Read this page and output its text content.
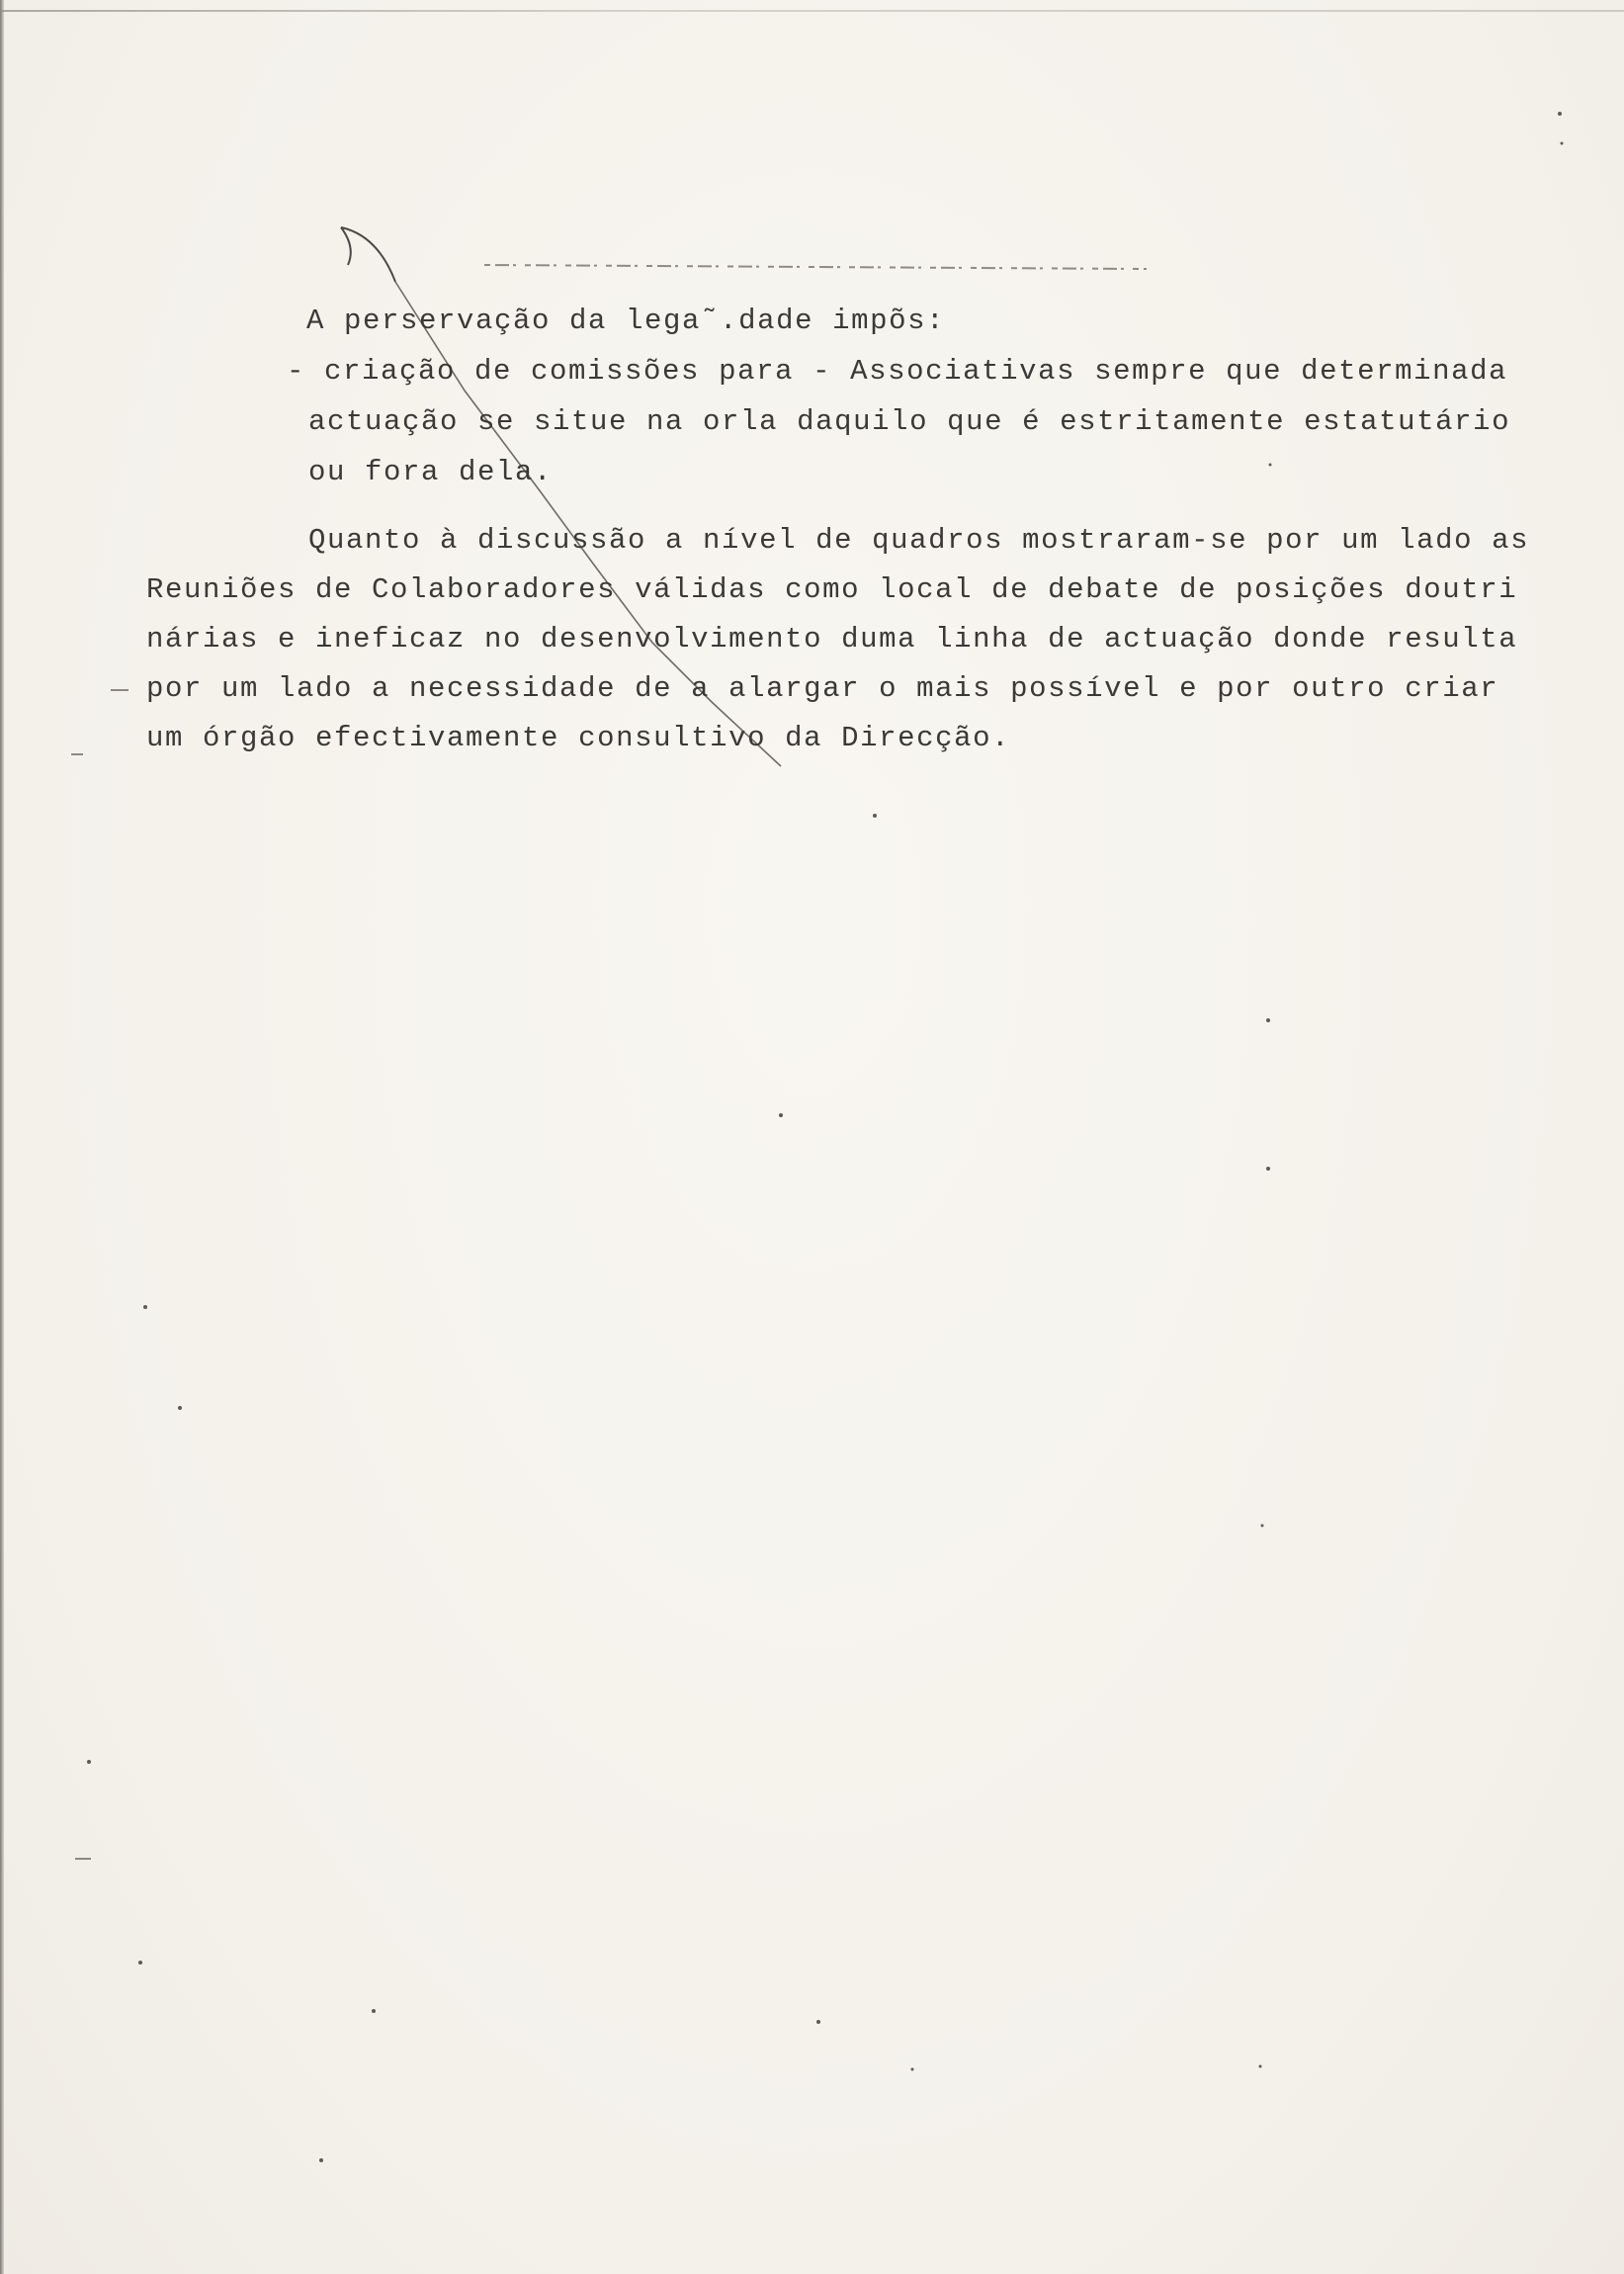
A perservação da lega˜.dade impõs:
- criação de comissões para - Associativas sempre que determinada
actuação se situe na orla daquilo que é estritamente estatutário
ou fora dela.
Quanto à discussão a nível de quadros mostraram-se por um lado as
Reuniões de Colaboradores válidas como local de debate de posições doutri
nárias e ineficaz no desenvolvimento duma linha de actuação donde resulta
por um lado a necessidade de a alargar o mais possível e por outro criar
um órgão efectivamente consultivo da Direcção.
